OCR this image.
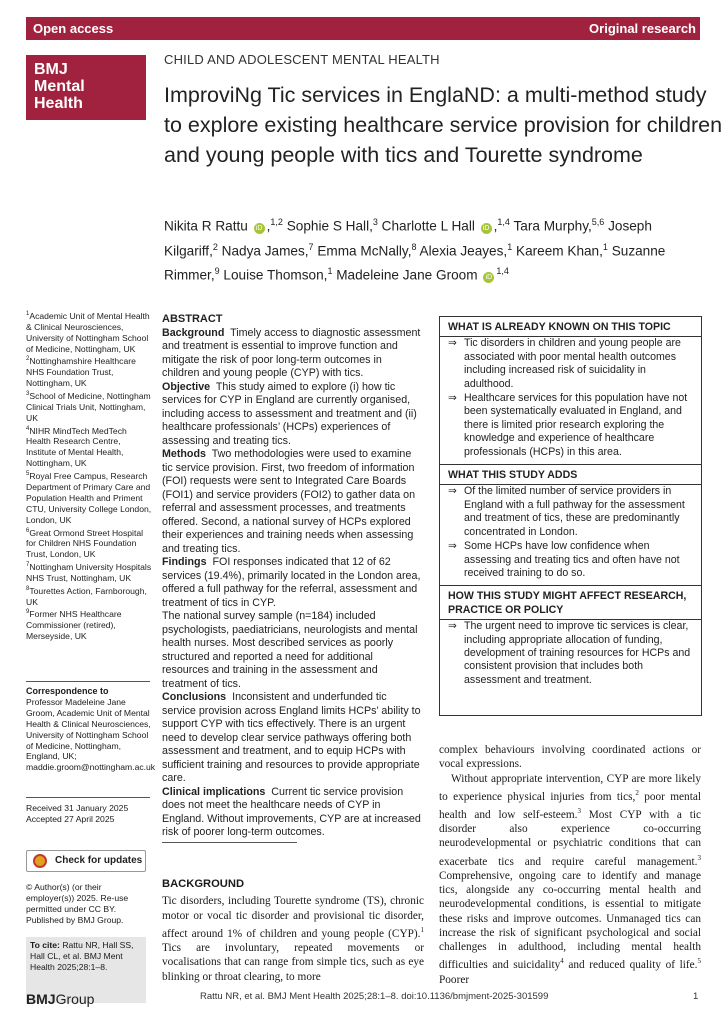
Open access	Original research
BMJ
Mental
Health
CHILD AND ADOLESCENT MENTAL HEALTH
ImproviNg Tic services in EnglaND: a multi-method study to explore existing healthcare service provision for children and young people with tics and Tourette syndrome
Nikita R Rattu iD ,$^{1,2}$ Sophie S Hall,$^3$ Charlotte L Hall iD ,$^{1,4}$ Tara Murphy,$^{5,6}$ Joseph Kilgariff,$^2$ Nadya James,$^7$ Emma McNally,$^8$ Alexia Jeayes,$^1$ Kareem Khan,$^1$ Suzanne Rimmer,$^9$ Louise Thomson,$^1$ Madeleine Jane Groom iD$^{1,4}$

$^1$Academic Unit of Mental Health & Clinical Neurosciences, University of Nottingham School of Medicine, Nottingham, UK

$^2$Nottinghamshire Healthcare NHS Foundation Trust, Nottingham, UK

$^3$School of Medicine, Nottingham Clinical Trials Unit, Nottingham, UK

$^4$NIHR MindTech MedTech Health Research Centre, Institute of Mental Health, Nottingham, UK

$^5$Royal Free Campus, Research Department of Primary Care and Population Health and Priment CTU, University College London, London, UK

$^6$Great Ormond Street Hospital for Children NHS Foundation Trust, London, UK

$^7$Nottingham University Hospitals NHS Trust, Nottingham, UK

$^8$Tourettes Action, Farnborough, UK

$^9$Former NHS Healthcare Commissioner (retired), Merseyside, UK

Correspondence to
Professor Madeleine Jane Groom, Academic Unit of Mental Health & Clinical Neurosciences, University of Nottingham School of Medicine, Nottingham, England, UK; maddie.groom@nottingham.ac.uk
Received 31 January 2025
Accepted 27 April 2025
Check for updates
© Author(s) (or their employer(s)) 2025. Re-use permitted under CC BY. Published by BMJ Group.
To cite: Rattu NR, Hall SS, Hall CL, et al. BMJ Ment Health 2025;28:1–8.
ABSTRACT

Background Timely access to diagnostic assessment and treatment is essential to improve function and mitigate the risk of poor long-term outcomes in children and young people (CYP) with tics.

Objective This study aimed to explore (i) how tic services for CYP in England are currently organised, including access to assessment and treatment and (ii) healthcare professionals’ (HCPs) experiences of assessing and treating tics.

Methods Two methodologies were used to examine tic service provision. First, two freedom of information (FOI) requests were sent to Integrated Care Boards (FOI1) and service providers (FOI2) to gather data on referral and assessment processes, and treatments offered. Second, a national survey of HCPs explored their experiences and training needs when assessing and treating tics.

Findings FOI responses indicated that 12 of 62 services (19.4%), primarily located in the London area, offered a full pathway for the referral, assessment and treatment of tics in CYP.

The national survey sample (n=184) included psychologists, paediatricians, neurologists and mental health nurses. Most described services as poorly structured and reported a need for additional resources and training in the assessment and treatment of tics.

Conclusions Inconsistent and underfunded tic service provision across England limits HCPs’ ability to support CYP with tics effectively. There is an urgent need to develop clear service pathways offering both assessment and treatment, and to equip HCPs with sufficient training and resources to provide appropriate care.

Clinical implications Current tic service provision does not meet the healthcare needs of CYP in England. Without improvements, CYP are at increased risk of poorer long-term outcomes.

WHAT IS ALREADY KNOWN ON THIS TOPIC
⇒ Tic disorders in children and young people are associated with poor mental health outcomes including increased risk of suicidality in adulthood.
⇒ Healthcare services for this population have not been systematically evaluated in England, and there is limited prior research exploring the knowledge and experience of healthcare professionals (HCPs) in this area.
WHAT THIS STUDY ADDS
⇒ Of the limited number of service providers in England with a full pathway for the assessment and treatment of tics, these are predominantly concentrated in London.
⇒ Some HCPs have low confidence when assessing and treating tics and often have not received training to do so.
HOW THIS STUDY MIGHT AFFECT RESEARCH, PRACTICE OR POLICY
⇒ The urgent need to improve tic services is clear, including appropriate allocation of funding, development of training resources for HCPs and consistent provision that includes both assessment and treatment.
BACKGROUND

Tic disorders, including Tourette syndrome (TS), chronic motor or vocal tic disorder and provisional tic disorder, affect around 1% of children and young people (CYP).$^1$ Tics are involuntary, repeated movements or vocalisations that can range from simple tics, such as eye blinking or throat clearing, to more

complex behaviours involving coordinated actions or vocal expressions.

Without appropriate intervention, CYP are more likely to experience physical injuries from tics,$^2$ poor mental health and low self-esteem.$^3$ Most CYP with a tic disorder also experience co-occurring neurodevelopmental or psychiatric conditions that can exacerbate tics and require careful management.$^3$ Comprehensive, ongoing care to identify and manage tics, alongside any co-occurring mental health and neurodevelopmental conditions, is essential to mitigate these risks and improve outcomes. Unmanaged tics can increase the risk of significant psychological and social challenges in adulthood, including mental health difficulties and suicidality$^4$ and reduced quality of life.$^5$ Poorer

BMJGroup	Rattu NR, et al. BMJ Ment Health 2025;28:1–8. doi:10.1136/bmjment-2025-301599	1
